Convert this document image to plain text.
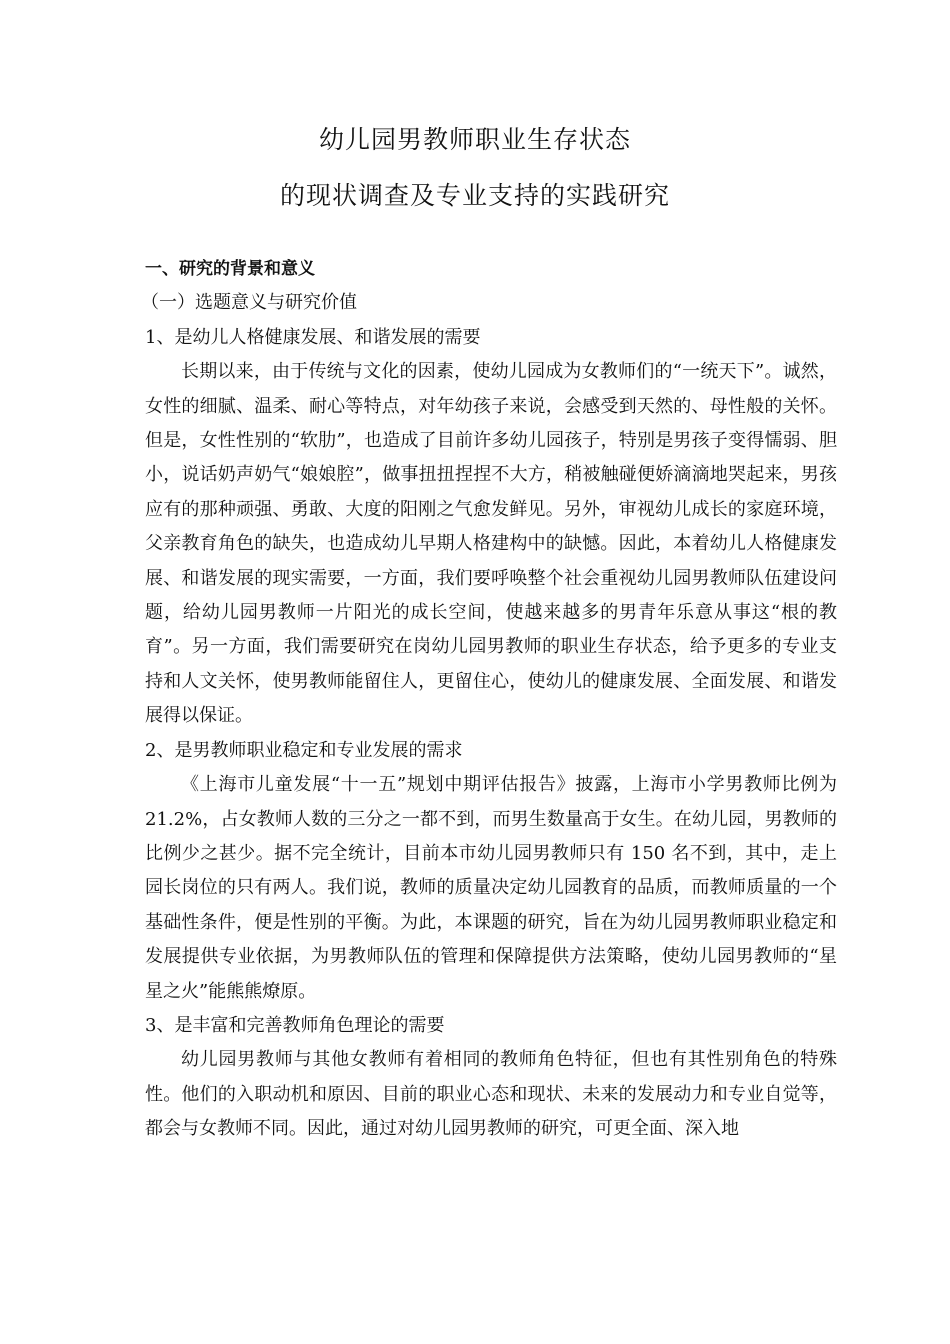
幼儿园男教师职业生存状态
的现状调查及专业支持的实践研究
一、研究的背景和意义
（一）选题意义与研究价值
1、是幼儿人格健康发展、和谐发展的需要
长期以来，由于传统与文化的因素，使幼儿园成为女教师们的“一统天下”。诚然，女性的细腻、温柔、耐心等特点，对年幼孩子来说，会感受到天然的、母性般的关怀。但是，女性性别的“软肋”，也造成了目前许多幼儿园孩子，特别是男孩子变得懦弱、胆小，说话奶声奶气“娘娘腔”，做事扭扭捏捏不大方，稍被触碰便娇滴滴地哭起来，男孩应有的那种顽强、勇敢、大度的阳刚之气愈发鲜见。另外，审视幼儿成长的家庭环境，父亲教育角色的缺失，也造成幼儿早期人格建构中的缺憾。因此，本着幼儿人格健康发展、和谐发展的现实需要，一方面，我们要呼唤整个社会重视幼儿园男教师队伍建设问题，给幼儿园男教师一片阳光的成长空间，使越来越多的男青年乐意从事这“根的教育”。另一方面，我们需要研究在岗幼儿园男教师的职业生存状态，给予更多的专业支持和人文关怀，使男教师能留住人，更留住心，使幼儿的健康发展、全面发展、和谐发展得以保证。
2、是男教师职业稳定和专业发展的需求
《上海市儿童发展“十一五”规划中期评估报告》披露，上海市小学男教师比例为 21.2%，占女教师人数的三分之一都不到，而男生数量高于女生。在幼儿园，男教师的比例少之甚少。据不完全统计，目前本市幼儿园男教师只有 150 名不到，其中，走上园长岗位的只有两人。我们说，教师的质量决定幼儿园教育的品质，而教师质量的一个基础性条件，便是性别的平衡。为此，本课题的研究，旨在为幼儿园男教师职业稳定和发展提供专业依据，为男教师队伍的管理和保障提供方法策略，使幼儿园男教师的“星星之火”能熊熊燎原。
3、是丰富和完善教师角色理论的需要
幼儿园男教师与其他女教师有着相同的教师角色特征，但也有其性别角色的特殊性。他们的入职动机和原因、目前的职业心态和现状、未来的发展动力和专业自觉等，都会与女教师不同。因此，通过对幼儿园男教师的研究，可更全面、深入地
